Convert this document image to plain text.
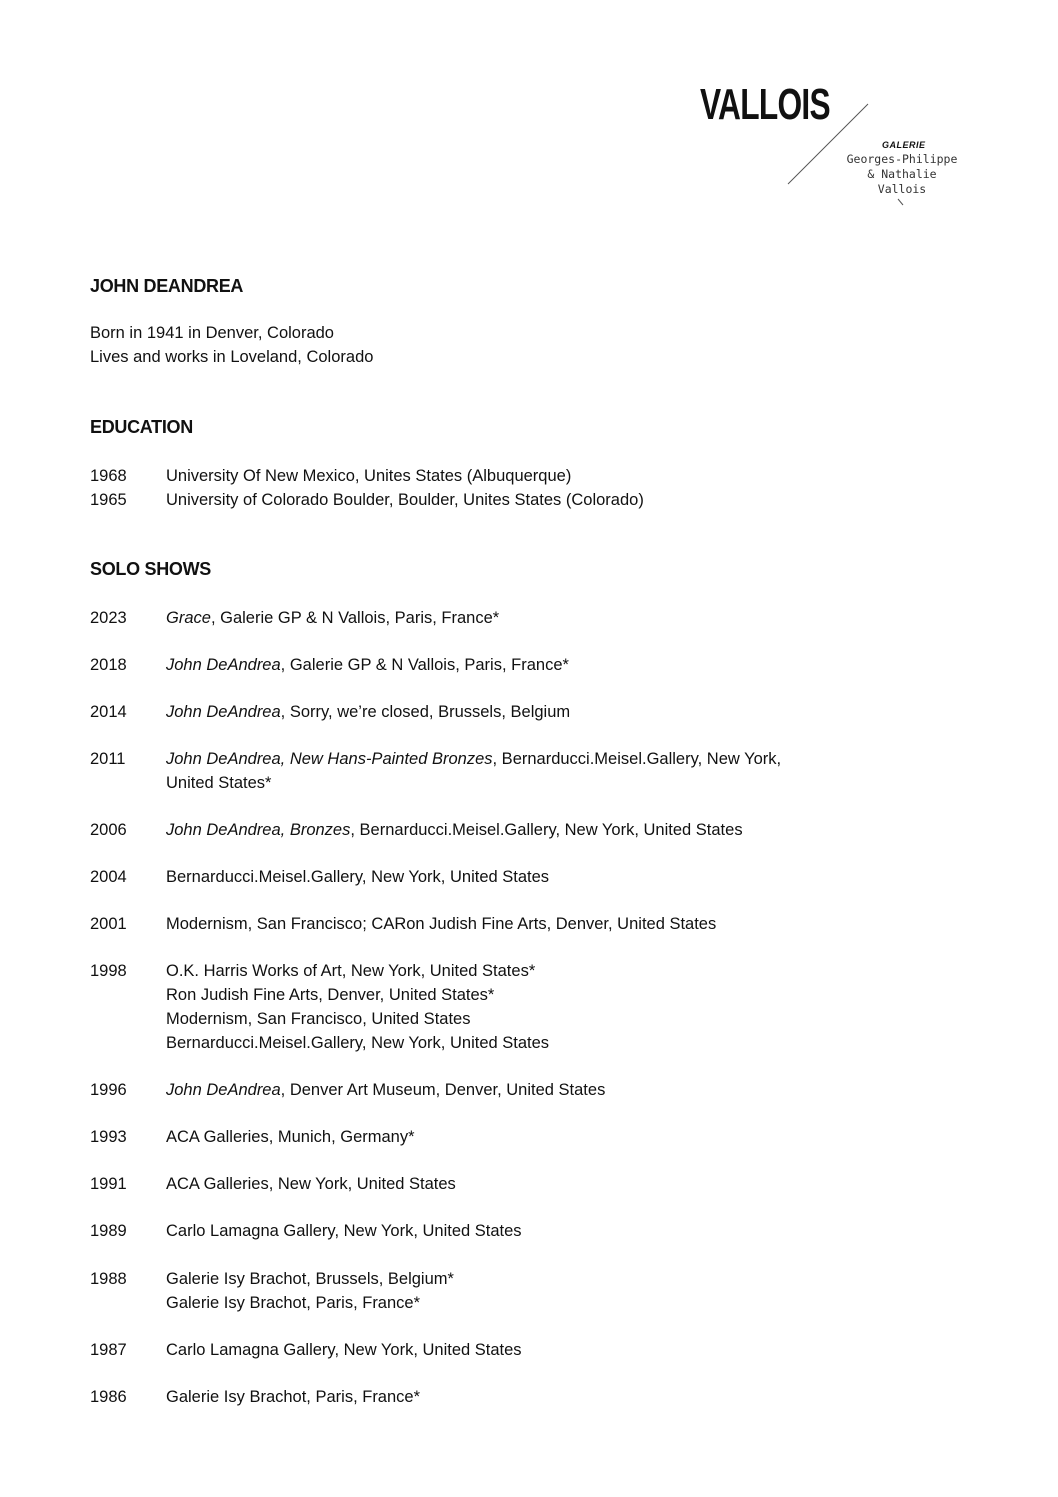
VALLOIS
GALERIE
Georges-Philippe
& Nathalie
Vallois
JOHN DEANDREA
Born in 1941 in Denver, Colorado
Lives and works in Loveland, Colorado
EDUCATION
1968	University Of New Mexico, Unites States (Albuquerque)
1965	University of Colorado Boulder, Boulder, Unites States (Colorado)
SOLO SHOWS
2023	Grace, Galerie GP & N Vallois, Paris, France*
2018	John DeAndrea, Galerie GP & N Vallois, Paris, France*
2014	John DeAndrea, Sorry, we’re closed, Brussels, Belgium
2011	John DeAndrea, New Hans-Painted Bronzes, Bernarducci.Meisel.Gallery, New York,
United States*
2006	John DeAndrea, Bronzes, Bernarducci.Meisel.Gallery, New York, United States
2004	Bernarducci.Meisel.Gallery, New York, United States
2001	Modernism, San Francisco; CARon Judish Fine Arts, Denver, United States
1998	O.K. Harris Works of Art, New York, United States*
Ron Judish Fine Arts, Denver, United States*
Modernism, San Francisco, United States
Bernarducci.Meisel.Gallery, New York, United States
1996	John DeAndrea, Denver Art Museum, Denver, United States
1993	ACA Galleries, Munich, Germany*
1991	ACA Galleries, New York, United States
1989	Carlo Lamagna Gallery, New York, United States
1988	Galerie Isy Brachot, Brussels, Belgium*
Galerie Isy Brachot, Paris, France*
1987	Carlo Lamagna Gallery, New York, United States
1986	Galerie Isy Brachot, Paris, France*
